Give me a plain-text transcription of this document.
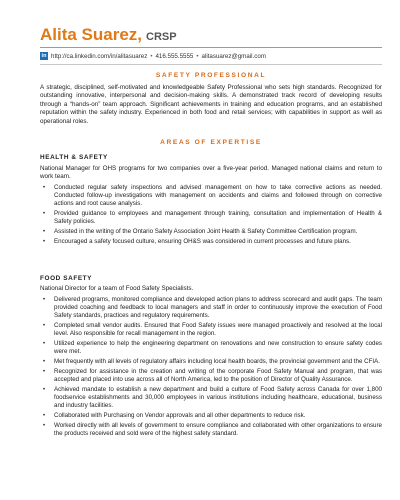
Alita Suarez, CRSP
in http://ca.linkedin.com/in/alitasuarez • 416.555.5555 • alitasuarez@gmail.com
SAFETY PROFESSIONAL
A strategic, disciplined, self-motivated and knowledgeable Safety Professional who sets high standards. Recognized for outstanding innovative, interpersonal and decision-making skills. A demonstrated track record of developing results through a “hands-on” team approach. Significant achievements in training and education programs, and an established reputation within the safety industry. Experienced in both food and retail services; with capabilities in support as well as operational roles.
AREAS OF EXPERTISE
HEALTH & SAFETY
National Manager for OHS programs for two companies over a five-year period. Managed national claims and return to work team.
• Conducted regular safety inspections and advised management on how to take corrective actions as needed. Conducted follow-up investigations with management on accidents and claims and followed through on corrective actions and root cause analysis.
• Provided guidance to employees and management through training, consultation and implementation of Health & Safety policies.
• Assisted in the writing of the Ontario Safety Association Joint Health & Safety Committee Certification program.
• Encouraged a safety focused culture, ensuring OH&S was considered in current processes and future plans.
FOOD SAFETY
National Director for a team of Food Safety Specialists.
• Delivered programs, monitored compliance and developed action plans to address scorecard and audit gaps. The team provided coaching and feedback to local managers and staff in order to continuously improve the execution of Food Safety standards, practices and regulatory requirements.
• Completed small vendor audits. Ensured that Food Safety issues were managed proactively and resolved at the local level. Also responsible for recall management in the region.
• Utilized experience to help the engineering department on renovations and new construction to ensure safety codes were met.
• Met frequently with all levels of regulatory affairs including local health boards, the provincial government and the CFIA.
• Recognized for assistance in the creation and writing of the corporate Food Safety Manual and program, that was accepted and placed into use across all of North America, led to the position of Director of Quality Assurance.
• Achieved mandate to establish a new department and build a culture of Food Safety across Canada for over 1,800 foodservice establishments and 30,000 employees in various institutions including healthcare, educational, business and industry facilities.
• Collaborated with Purchasing on Vendor approvals and all other departments to reduce risk.
• Worked directly with all levels of government to ensure compliance and collaborated with other organizations to ensure the products received and sold were of the highest safety standard.
